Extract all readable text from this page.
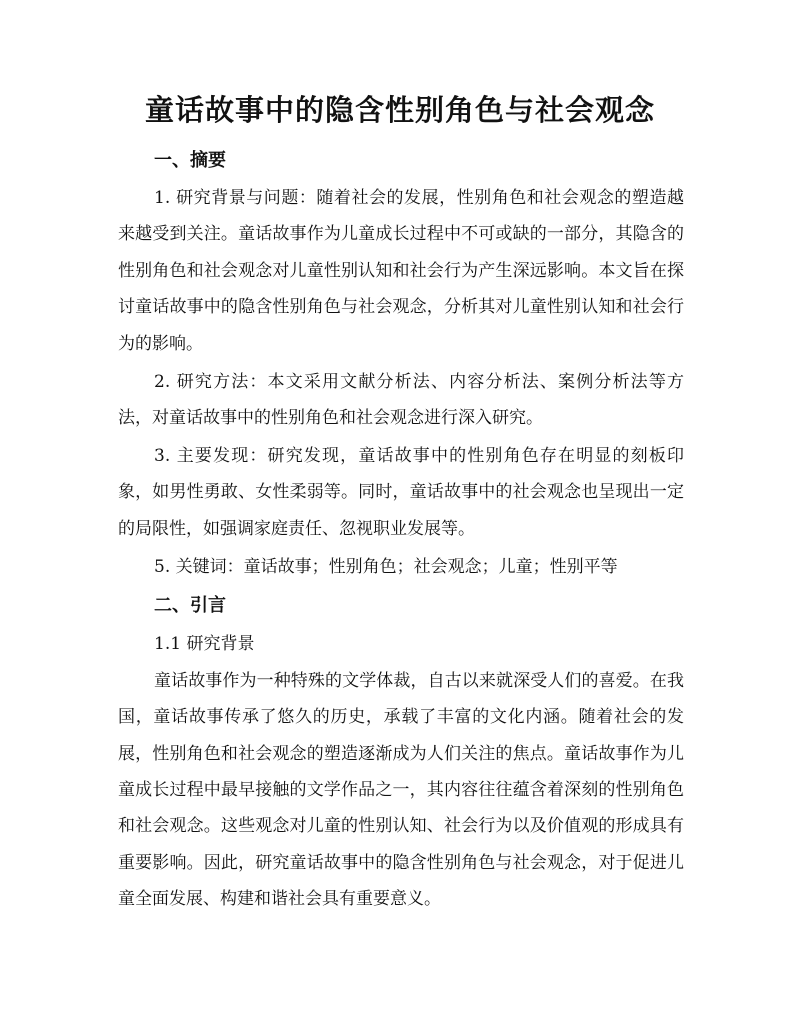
童话故事中的隐含性别角色与社会观念
一、摘要

1. 研究背景与问题：随着社会的发展，性别角色和社会观念的塑造越来越受到关注。童话故事作为儿童成长过程中不可或缺的一部分，其隐含的性别角色和社会观念对儿童性别认知和社会行为产生深远影响。本文旨在探讨童话故事中的隐含性别角色与社会观念，分析其对儿童性别认知和社会行为的影响。

2. 研究方法：本文采用文献分析法、内容分析法、案例分析法等方法，对童话故事中的性别角色和社会观念进行深入研究。

3. 主要发现：研究发现，童话故事中的性别角色存在明显的刻板印象，如男性勇敢、女性柔弱等。同时，童话故事中的社会观念也呈现出一定的局限性，如强调家庭责任、忽视职业发展等。

5. 关键词：童话故事；性别角色；社会观念；儿童；性别平等

二、引言

1.1 研究背景

童话故事作为一种特殊的文学体裁，自古以来就深受人们的喜爱。在我国，童话故事传承了悠久的历史，承载了丰富的文化内涵。随着社会的发展，性别角色和社会观念的塑造逐渐成为人们关注的焦点。童话故事作为儿童成长过程中最早接触的文学作品之一，其内容往往蕴含着深刻的性别角色和社会观念。这些观念对儿童的性别认知、社会行为以及价值观的形成具有重要影响。因此，研究童话故事中的隐含性别角色与社会观念，对于促进儿童全面发展、构建和谐社会具有重要意义。
